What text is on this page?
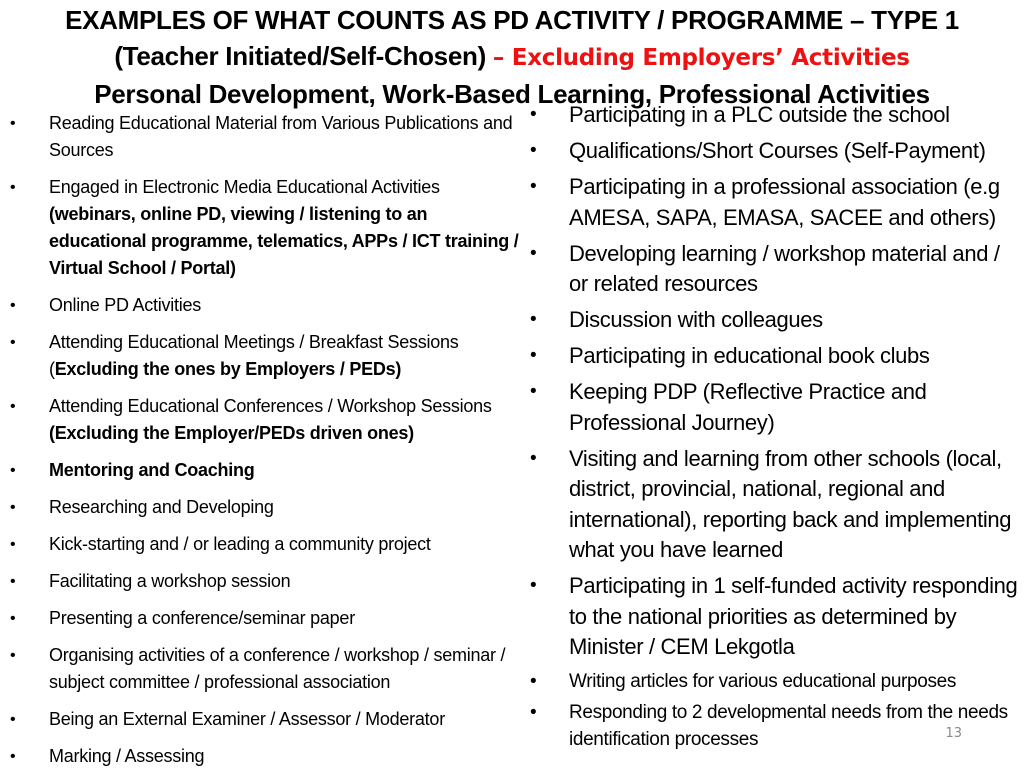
EXAMPLES OF WHAT COUNTS AS PD ACTIVITY / PROGRAMME – TYPE 1
(Teacher Initiated/Self-Chosen) – Excluding Employers’ Activities
Personal Development, Work-Based Learning, Professional Activities
• Reading Educational Material from Various Publications and Sources
• Engaged in Electronic Media Educational Activities (webinars, online PD, viewing / listening to an educational programme, telematics, APPs / ICT training / Virtual School / Portal)
• Online PD Activities
• Attending Educational Meetings / Breakfast Sessions (Excluding the ones by Employers / PEDs)
• Attending Educational Conferences / Workshop Sessions (Excluding the Employer/PEDs driven ones)
• Mentoring and Coaching
• Researching and Developing
• Kick-starting and / or leading a community project
• Facilitating a workshop session
• Presenting a conference/seminar paper
• Organising activities of a conference / workshop / seminar / subject committee / professional association
• Being an External Examiner / Assessor / Moderator
• Marking / Assessing
• Participating in a PLC outside the school
• Qualifications/Short Courses (Self-Payment)
• Participating in a professional association (e.g AMESA, SAPA, EMASA, SACEE and others)
• Developing learning / workshop material and / or related resources
• Discussion with colleagues
• Participating in educational book clubs
• Keeping PDP (Reflective Practice and Professional Journey)
• Visiting and learning from other schools (local, district, provincial, national, regional and international), reporting back and implementing what you have learned
• Participating in 1 self-funded activity responding to the national priorities as determined by Minister / CEM Lekgotla
• Writing articles for various educational purposes
• Responding to 2 developmental needs from the needs identification processes	13
